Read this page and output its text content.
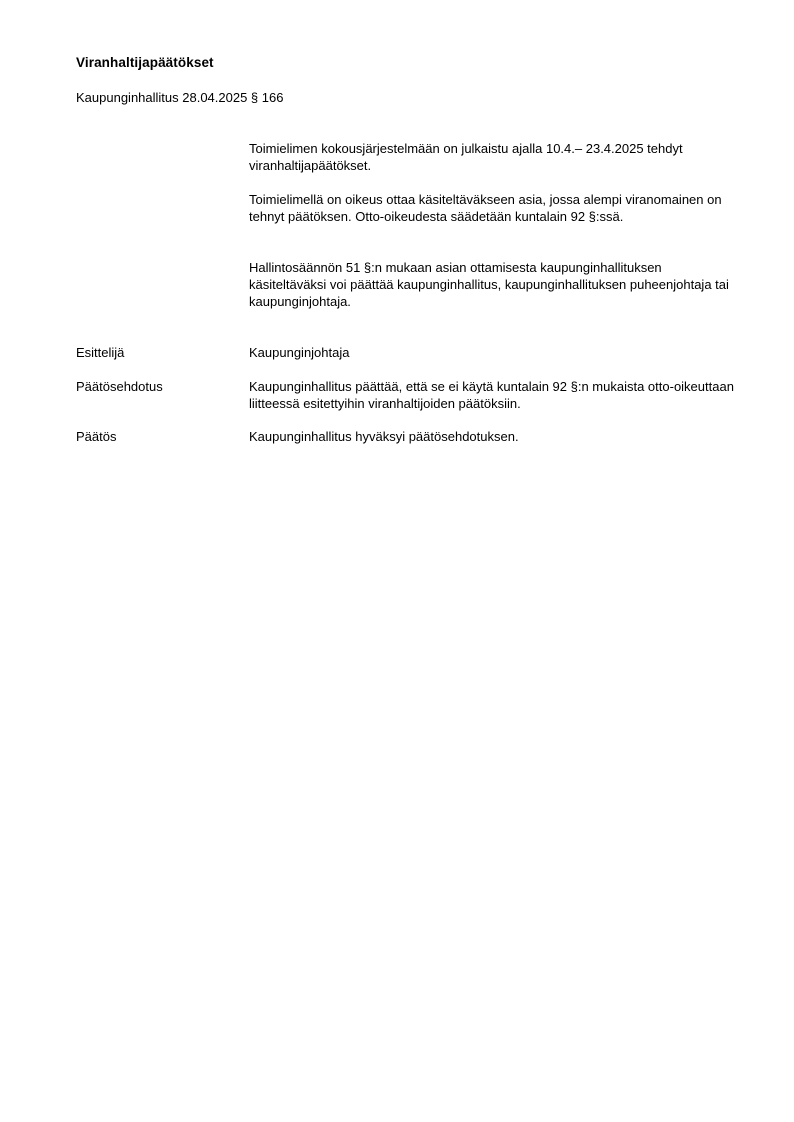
Viranhaltijapäätökset
Kaupunginhallitus 28.04.2025 § 166

Toimielimen kokousjärjestelmään on julkaistu ajalla 10.4.– 23.4.2025 tehdyt viranhaltijapäätökset.

Toimielimellä on oikeus ottaa käsiteltäväkseen asia, jossa alempi viranomainen on tehnyt päätöksen. Otto-oikeudesta säädetään kuntalain 92 §:ssä.

Hallintosäännön 51 §:n mukaan asian ottamisesta kaupunginhallituksen käsiteltäväksi voi päättää kaupunginhallitus, kaupunginhallituksen puheenjohtaja tai kaupunginjohtaja.

Esittelijä	Kaupunginjohtaja
Päätösehdotus	Kaupunginhallitus päättää, että se ei käytä kuntalain 92 §:n mukaista otto-oikeuttaan liitteessä esitettyihin viranhaltijoiden päätöksiin.

Päätös	Kaupunginhallitus hyväksyi päätösehdotuksen.
